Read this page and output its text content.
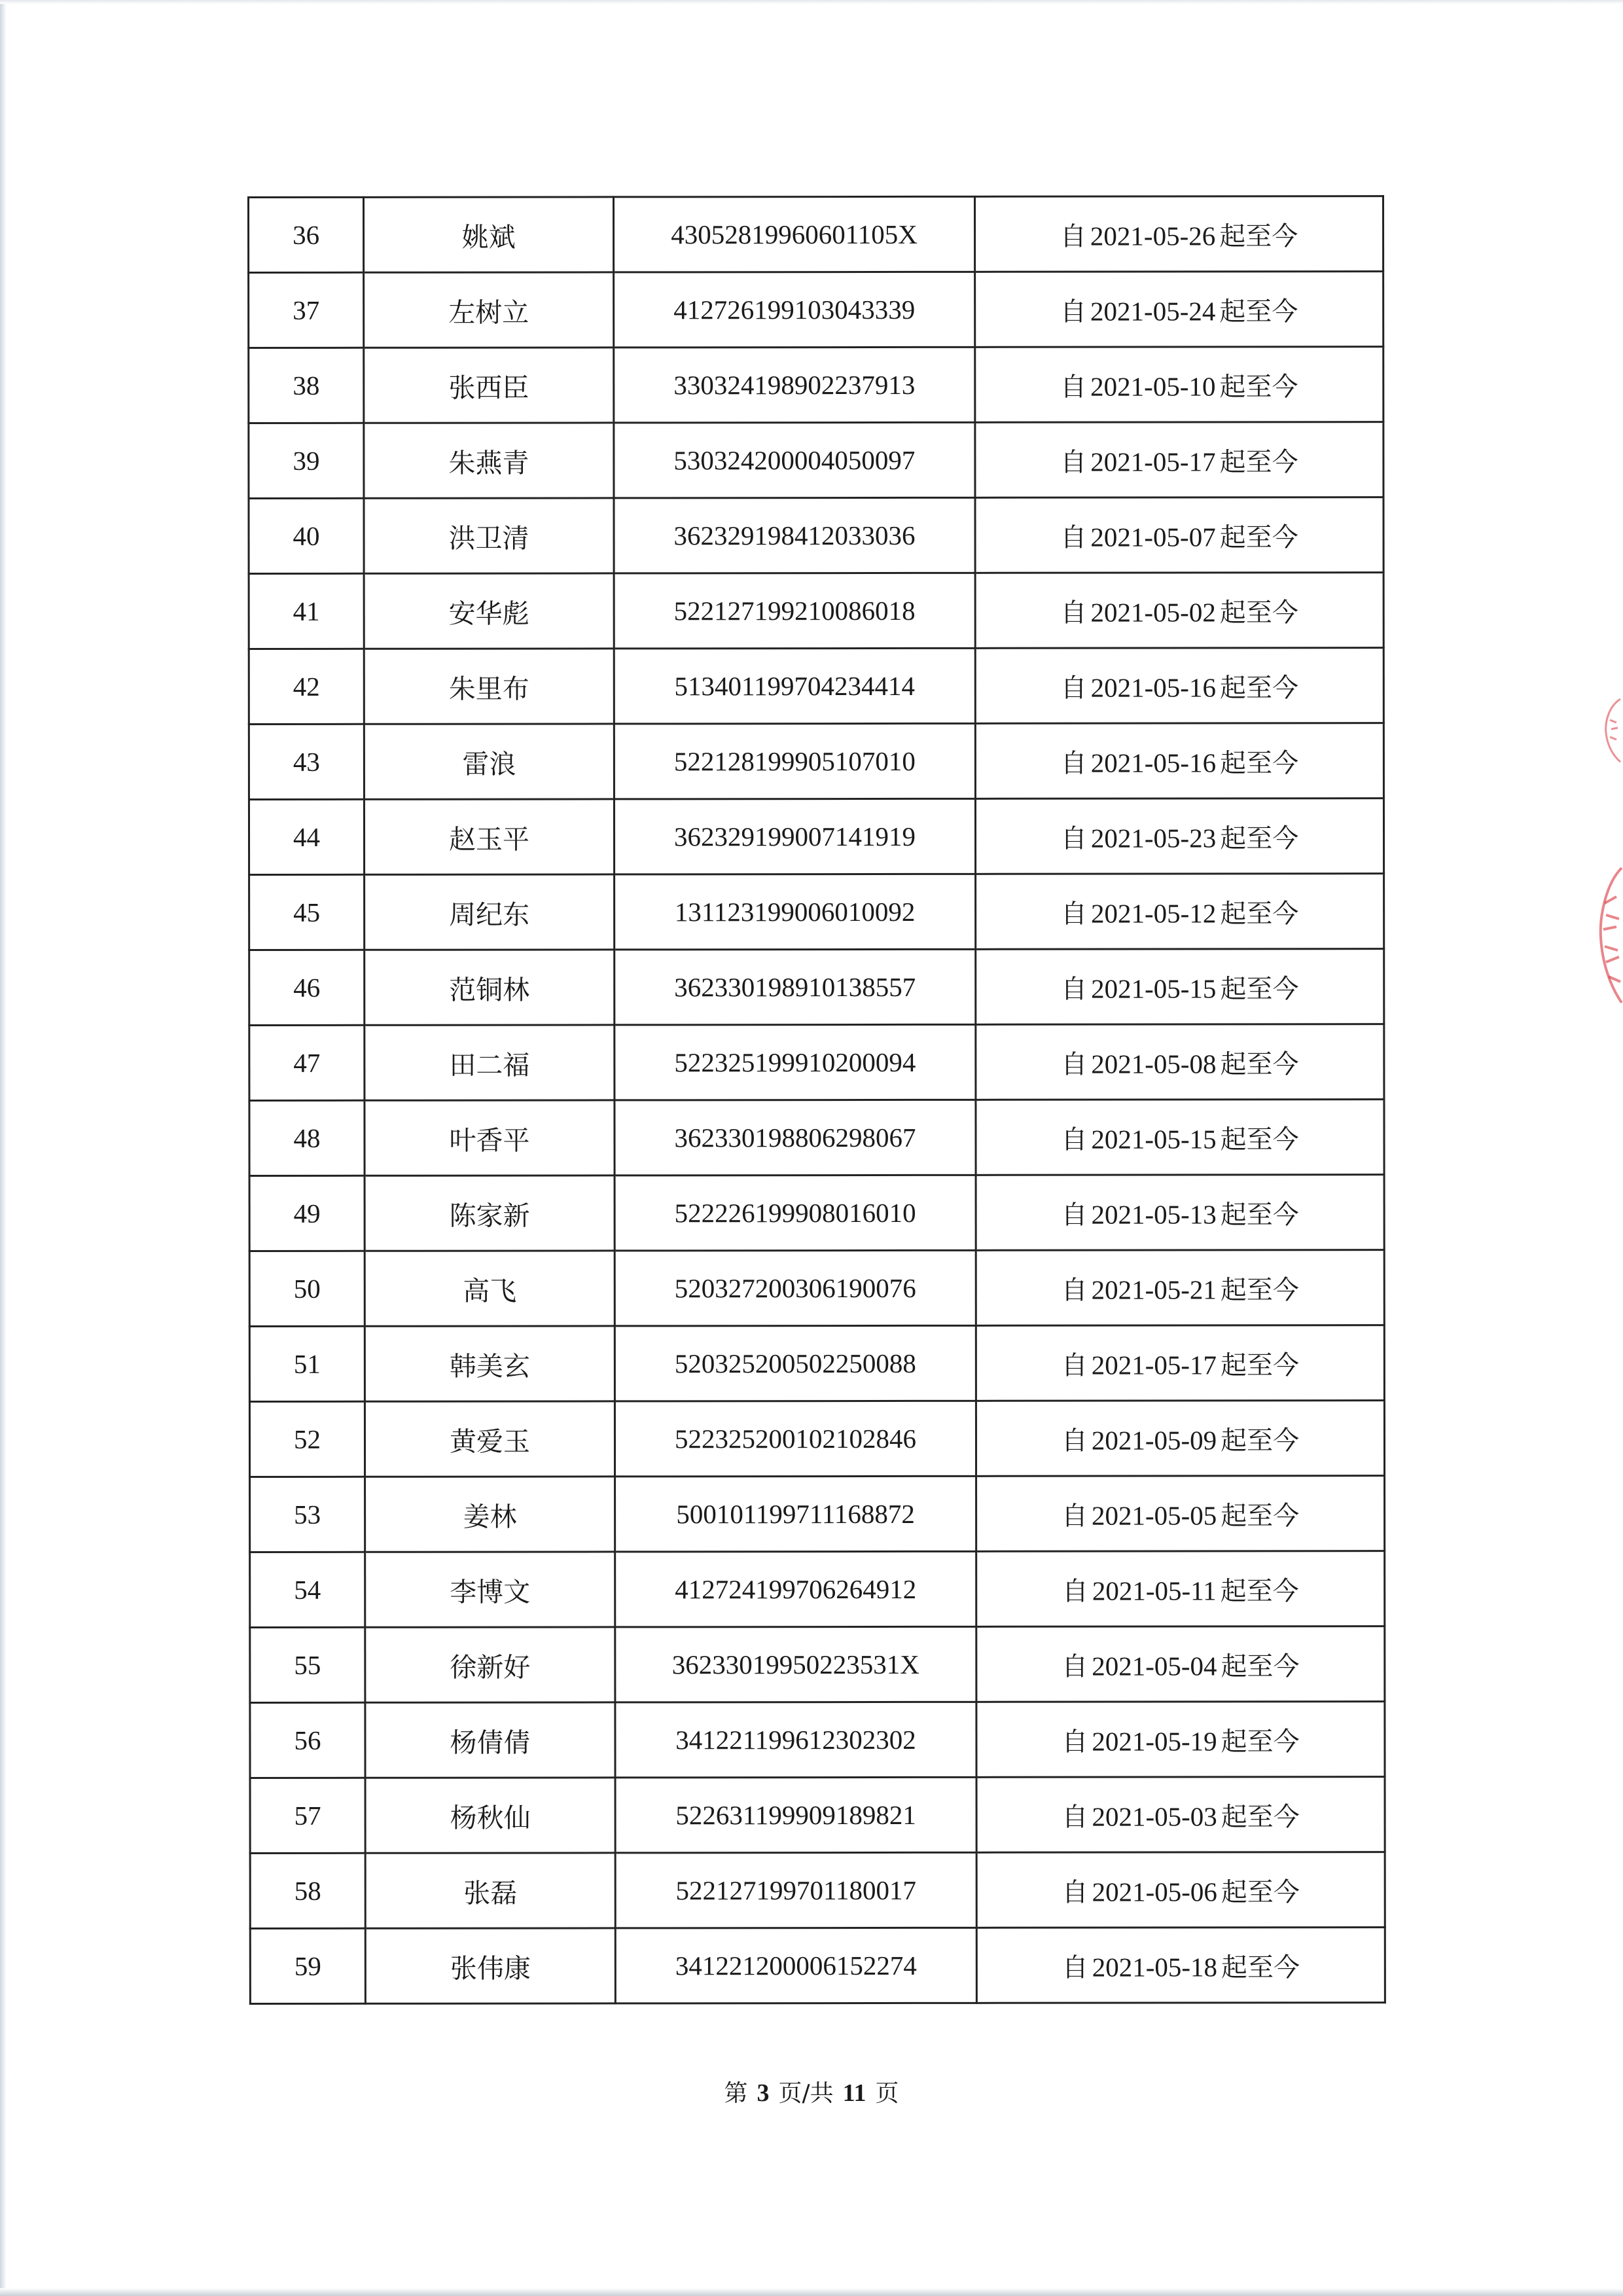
36	姚斌	43052819960601105X	自 2021-05-26 起至今
37	左树立	412726199103043339	自 2021-05-24 起至今
38	张西臣	330324198902237913	自 2021-05-10 起至今
39	朱燕青	530324200004050097	自 2021-05-17 起至今
40	洪卫清	362329198412033036	自 2021-05-07 起至今
41	安华彪	522127199210086018	自 2021-05-02 起至今
42	朱里布	513401199704234414	自 2021-05-16 起至今
43	雷浪	522128199905107010	自 2021-05-16 起至今
44	赵玉平	362329199007141919	自 2021-05-23 起至今
45	周纪东	131123199006010092	自 2021-05-12 起至今
46	范铜林	362330198910138557	自 2021-05-15 起至今
47	田二福	522325199910200094	自 2021-05-08 起至今
48	叶香平	362330198806298067	自 2021-05-15 起至今
49	陈家新	522226199908016010	自 2021-05-13 起至今
50	高飞	520327200306190076	自 2021-05-21 起至今
51	韩美玄	520325200502250088	自 2021-05-17 起至今
52	黄爱玉	522325200102102846	自 2021-05-09 起至今
53	姜林	500101199711168872	自 2021-05-05 起至今
54	李博文	412724199706264912	自 2021-05-11 起至今
55	徐新好	36233019950223531X	自 2021-05-04 起至今
56	杨倩倩	341221199612302302	自 2021-05-19 起至今
57	杨秋仙	522631199909189821	自 2021-05-03 起至今
58	张磊	522127199701180017	自 2021-05-06 起至今
59	张伟康	341221200006152274	自 2021-05-18 起至今
第 3 页/共 11 页
